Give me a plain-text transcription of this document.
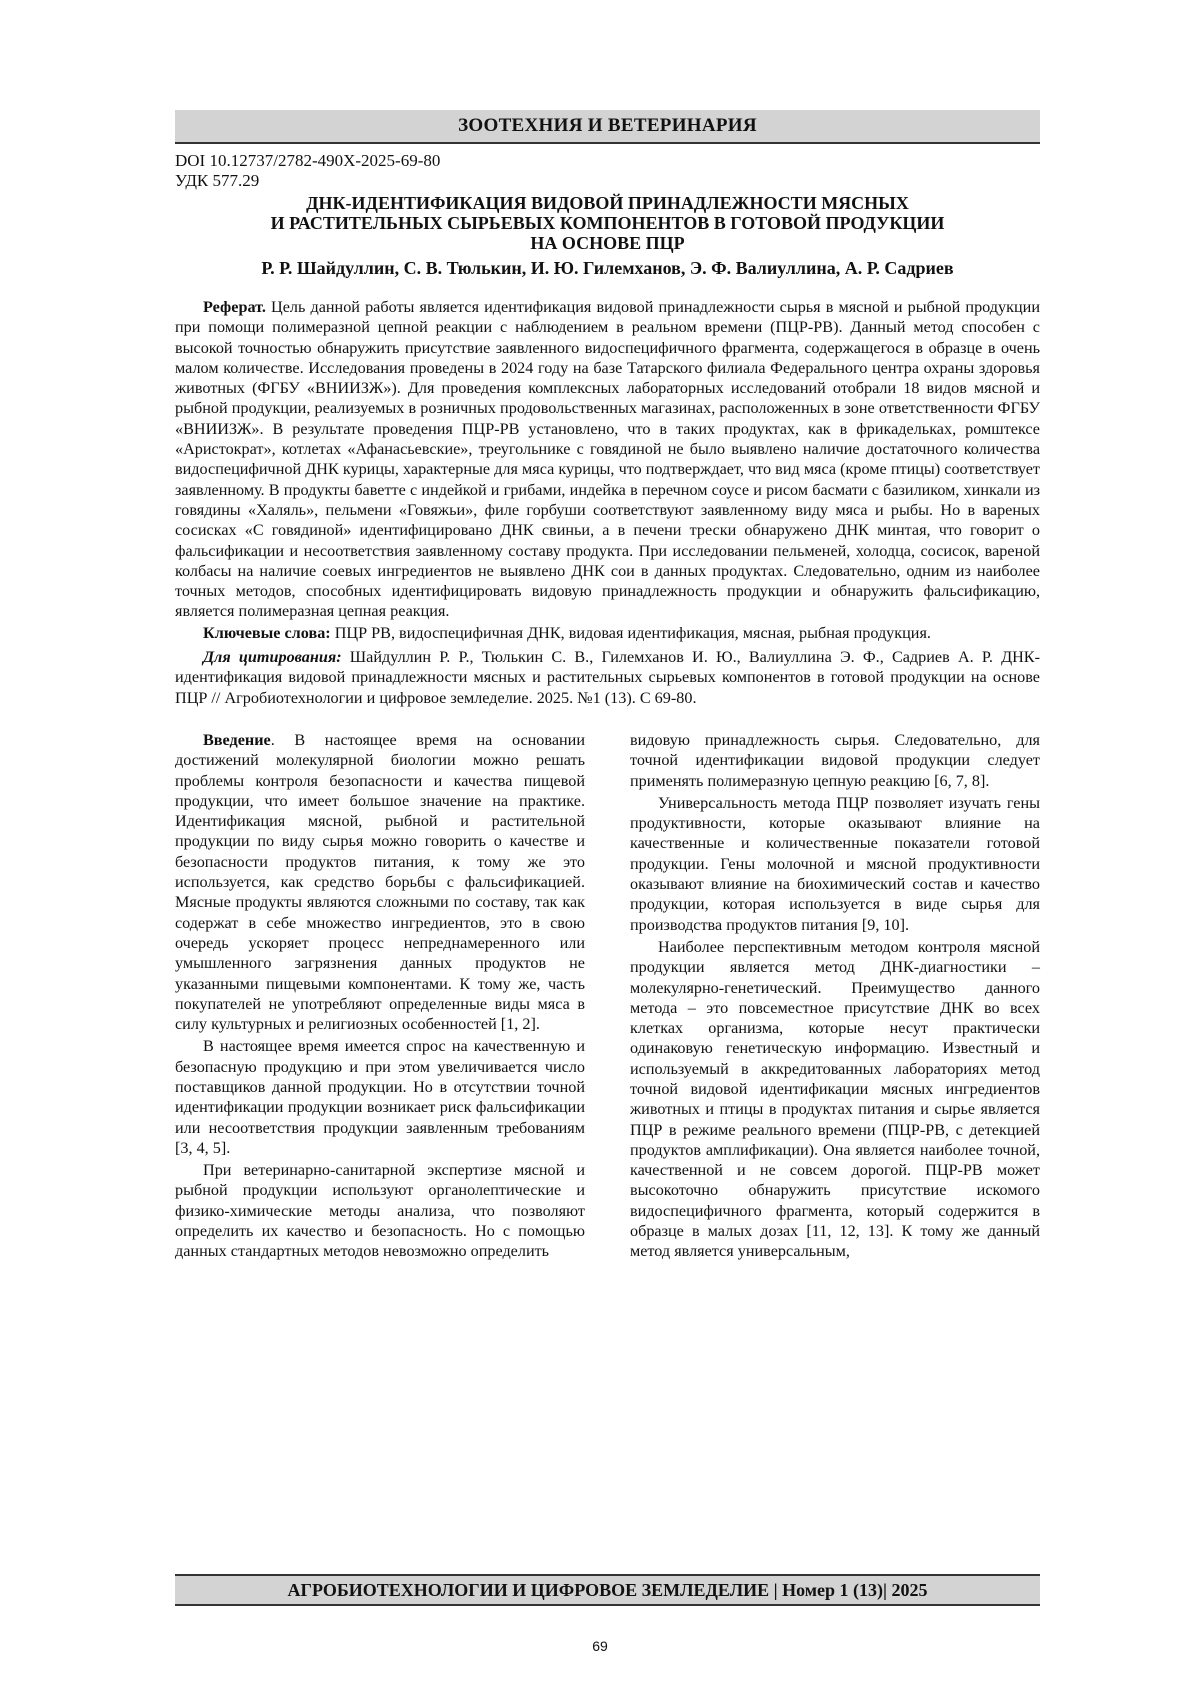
ЗООТЕХНИЯ И ВЕТЕРИНАРИЯ
DOI 10.12737/2782-490X-2025-69-80
УДК 577.29
ДНК-ИДЕНТИФИКАЦИЯ ВИДОВОЙ ПРИНАДЛЕЖНОСТИ МЯСНЫХ
И РАСТИТЕЛЬНЫХ СЫРЬЕВЫХ КОМПОНЕНТОВ В ГОТОВОЙ ПРОДУКЦИИ
НА ОСНОВЕ ПЦР
Р. Р. Шайдуллин, С. В. Тюлькин, И. Ю. Гилемханов, Э. Ф. Валиуллина, А. Р. Садриев

Реферат. Цель данной работы является идентификация видовой принадлежности сырья в мясной и рыбной продукции при помощи полимеразной цепной реакции с наблюдением в реальном времени (ПЦР-РВ). Данный метод способен с высокой точностью обнаружить присутствие заявленного видоспецифичного фрагмента, содержащегося в образце в очень малом количестве. Исследования проведены в 2024 году на базе Татарского филиала Федерального центра охраны здоровья животных (ФГБУ «ВНИИЗЖ»). Для проведения комплексных лабораторных исследований отобрали 18 видов мясной и рыбной продукции, реализуемых в розничных продовольственных магазинах, расположенных в зоне ответственности ФГБУ «ВНИИЗЖ». В результате проведения ПЦР-РВ установлено, что в таких продуктах, как в фрикадельках, ромштексе «Аристократ», котлетах «Афанасьевские», треугольнике с говядиной не было выявлено наличие достаточного количества видоспецифичной ДНК курицы, характерные для мяса курицы, что подтверждает, что вид мяса (кроме птицы) соответствует заявленному. В продукты баветте с индейкой и грибами, индейка в перечном соусе и рисом басмати с базиликом, хинкали из говядины «Халяль», пельмени «Говяжьи», филе горбуши соответствуют заявленному виду мяса и рыбы. Но в вареных сосисках «С говядиной» идентифицировано ДНК свиньи, а в печени трески обнаружено ДНК минтая, что говорит о фальсификации и несоответствия заявленному составу продукта. При исследовании пельменей, холодца, сосисок, вареной колбасы на наличие соевых ингредиентов не выявлено ДНК сои в данных продуктах. Следовательно, одним из наиболее точных методов, способных идентифицировать видовую принадлежность продукции и обнаружить фальсификацию, является полимеразная цепная реакция.

Ключевые слова: ПЦР РВ, видоспецифичная ДНК, видовая идентификация, мясная, рыбная продукция.

Для цитирования: Шайдуллин Р. Р., Тюлькин С. В., Гилемханов И. Ю., Валиуллина Э. Ф., Садриев А. Р. ДНК-идентификация видовой принадлежности мясных и растительных сырьевых компонентов в готовой продукции на основе ПЦР // Агробиотехнологии и цифровое земледелие. 2025. №1 (13). С 69-80.

Введение. В настоящее время на основании достижений молекулярной биологии можно решать проблемы контроля безопасности и качества пищевой продукции, что имеет большое значение на практике. Идентификация мясной, рыбной и растительной продукции по виду сырья можно говорить о качестве и безопасности продуктов питания, к тому же это используется, как средство борьбы с фальсификацией. Мясные продукты являются сложными по составу, так как содержат в себе множество ингредиентов, это в свою очередь ускоряет процесс непреднамеренного или умышленного загрязнения данных продуктов не указанными пищевыми компонентами. К тому же, часть покупателей не употребляют определенные виды мяса в силу культурных и религиозных особенностей [1, 2].

В настоящее время имеется спрос на качественную и безопасную продукцию и при этом увеличивается число поставщиков данной продукции. Но в отсутствии точной идентификации продукции возникает риск фальсификации или несоответствия продукции заявленным требованиям [3, 4, 5].

При ветеринарно-санитарной экспертизе мясной и рыбной продукции используют органолептические и физико-химические методы анализа, что позволяют определить их качество и безопасность. Но с помощью данных стандартных методов невозможно определить

видовую принадлежность сырья. Следовательно, для точной идентификации видовой продукции следует применять полимеразную цепную реакцию [6, 7, 8].

Универсальность метода ПЦР позволяет изучать гены продуктивности, которые оказывают влияние на качественные и количественные показатели готовой продукции. Гены молочной и мясной продуктивности оказывают влияние на биохимический состав и качество продукции, которая используется в виде сырья для производства продуктов питания [9, 10].

Наиболее перспективным методом контроля мясной продукции является метод ДНК-диагностики – молекулярно-генетический. Преимущество данного метода – это повсеместное присутствие ДНК во всех клетках организма, которые несут практически одинаковую генетическую информацию. Известный и используемый в аккредитованных лабораториях метод точной видовой идентификации мясных ингредиентов животных и птицы в продуктах питания и сырье является ПЦР в режиме реального времени (ПЦР-РВ, с детекцией продуктов амплификации). Она является наиболее точной, качественной и не совсем дорогой. ПЦР-РВ может высокоточно обнаружить присутствие искомого видоспецифичного фрагмента, который содержится в образце в малых дозах [11, 12, 13]. К тому же данный метод является универсальным,

АГРОБИОТЕХНОЛОГИИ И ЦИФРОВОЕ ЗЕМЛЕДЕЛИЕ | Номер 1 (13)| 2025
69
